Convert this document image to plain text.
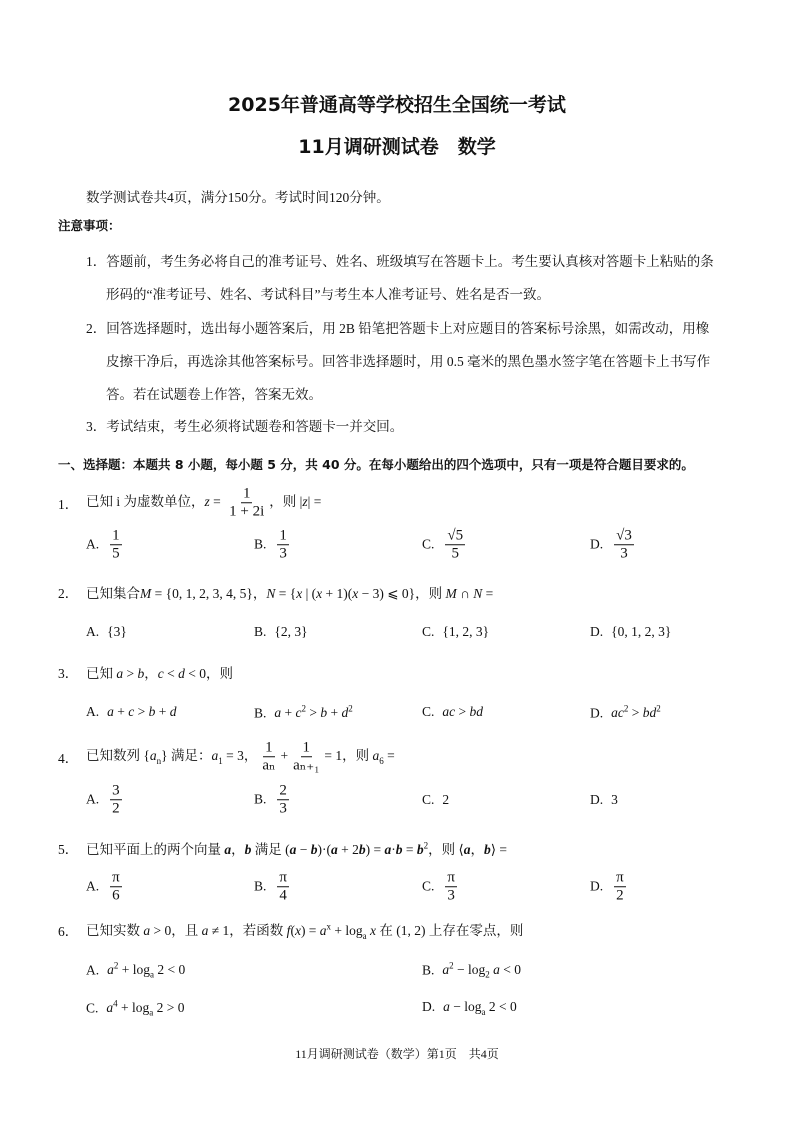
2025年普通高等学校招生全国统一考试
11月调研测试卷　数学
数学测试卷共4页，满分150分。考试时间120分钟。
注意事项：
1．答题前，考生务必将自己的准考证号、姓名、班级填写在答题卡上。考生要认真核对答题卡上粘贴的条
形码的“准考证号、姓名、考试科目”与考生本人准考证号、姓名是否一致。
2．回答选择题时，选出每小题答案后，用 2B 铅笔把答题卡上对应题目的答案标号涂黑，如需改动，用橡
皮擦干净后，再选涂其他答案标号。回答非选择题时，用 0.5 毫米的黑色墨水签字笔在答题卡上书写作
答。若在试题卷上作答，答案无效。
3．考试结束，考生必须将试题卷和答题卡一并交回。
一、选择题：本题共 8 小题，每小题 5 分，共 40 分。在每小题给出的四个选项中，只有一项是符合题目要求的。
1． 已知 i 为虚数单位，$z = \frac{1}{1 + 2i}$ ，则 |z| =
A. $\frac{1}{5}$	B. $\frac{1}{3}$	C. $\frac{√5}{5}$	D. $\frac{√3}{3}$
2． 已知集合M = {0, 1, 2, 3, 4, 5}，N = {x | (x + 1)(x − 3) ⩽ 0}，则 M ∩ N =
A. {3}	B. {2, 3}	C. {1, 2, 3}	D. {0, 1, 2, 3}
3． 已知 a > b，c < d < 0，则
A. a + c > b + d	B. $a + c^2 > b + d^2$	C. ac > bd	D. $ac^2 > bd^2$
4． 已知数列 $\{a_n\}$ 满足：$a_1 = 3$， $\frac{1}{\text{aₙ}} + \frac{1}{\text{aₙ₊₁}} = 1$，则 $a_6$ =
A. $\frac{3}{2}$	B. $\frac{2}{3}$	C. 2	D. 3
5． 已知平面上的两个向量 a，b 满足 $(a - b)\cdot(a + 2b) = a\cdot b = b^2$，则 ⟨a，b⟩ =
A. $\frac{\pi}{6}$	B. $\frac{\pi}{4}$	C. $\frac{\pi}{3}$	D. $\frac{\pi}{2}$
6． 已知实数 a > 0，且 a ≠ 1，若函数 $f(x) = a^x + \log_a x$ 在 (1, 2) 上存在零点，则
A. $a^2 + \log_a 2 < 0$	B. $a^2 - \log_2 a < 0$
C. $a^4 + \log_a 2 > 0$	D. $a - \log_a 2 < 0$
11月调研测试卷（数学）第1页　共4页
